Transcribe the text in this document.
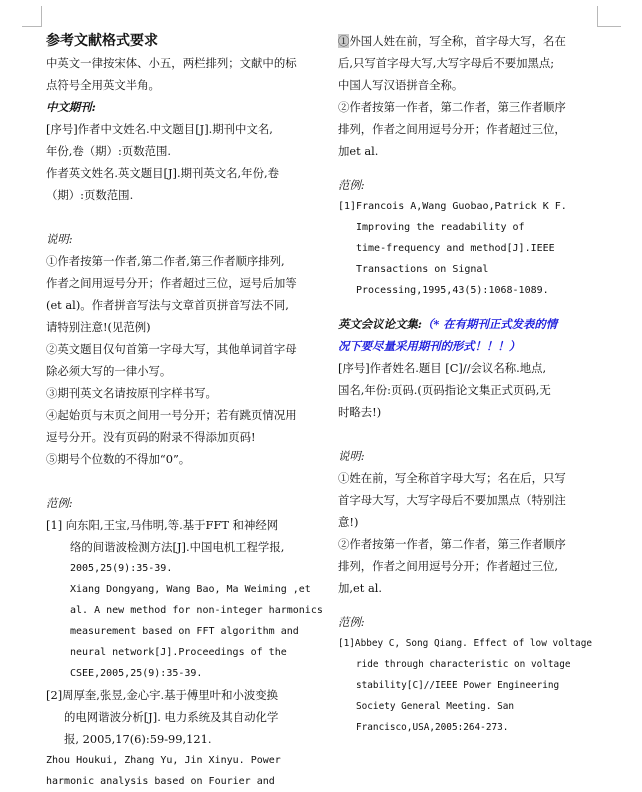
参考文献格式要求
中英文一律按宋体、小五，两栏排列；文献中的标
点符号全用英文半角。
中文期刊:
[序号]作者中文姓名.中文题目[J].期刊中文名,
年份,卷（期）:页数范围.
作者英文姓名.英文题目[J].期刊英文名,年份,卷
（期）:页数范围.
说明:
①作者按第一作者,第二作者,第三作者顺序排列,
作者之间用逗号分开；作者超过三位，逗号后加等
(et al)。作者拼音写法与文章首页拼音写法不同,
请特别注意!(见范例)
②英文题目仅句首第一字母大写，其他单词首字母
除必须大写的一律小写。
③期刊英文名请按原刊字样书写。
④起始页与末页之间用一号分开；若有跳页情况用
逗号分开。没有页码的附录不得添加页码!
⑤期号个位数的不得加“0”。
范例:
[1] 向东阳,王宝,马伟明,等.基于FFT 和神经网
络的间谐波检测方法[J].中国电机工程学报,
2005,25(9):35-39.
Xiang Dongyang, Wang Bao, Ma Weiming ,et
al. A new method for non-integer harmonics
measurement based on FFT algorithm and
neural network[J].Proceedings of the
CSEE,2005,25(9):35-39.
[2]周厚奎,张昱,金心宇.基于傅里叶和小波变换
的电网谐波分析[J]. 电力系统及其自动化学
报, 2005,17(6):59-99,121.
Zhou Houkui, Zhang Yu, Jin Xinyu. Power
harmonic analysis based on Fourier and
①外国人姓在前，写全称，首字母大写，名在
后,只写首字母大写,大写字母后不要加黑点;
中国人写汉语拼音全称。
②作者按第一作者，第二作者，第三作者顺序
排列，作者之间用逗号分开；作者超过三位，
加et al.
范例:
[1]Francois A,Wang Guobao,Patrick K F.
Improving the readability of
time-frequency and method[J].IEEE
Transactions on Signal
Processing,1995,43(5):1068-1089.
英文会议论文集:（* 在有期刊正式发表的情
况下要尽量采用期刊的形式！！！）
[序号]作者姓名.题目 [C]//会议名称.地点,
国名,年份:页码.(页码指论文集正式页码,无
时略去!)
说明:
①姓在前，写全称首字母大写；名在后，只写
首字母大写，大写字母后不要加黑点（特别注
意!)
②作者按第一作者，第二作者，第三作者顺序
排列，作者之间用逗号分开；作者超过三位,
加,et al.
范例:
[1]Abbey C, Song Qiang. Effect of low voltage
ride through characteristic on voltage
stability[C]//IEEE Power Engineering
Society General Meeting. San
Francisco,USA,2005:264-273.
